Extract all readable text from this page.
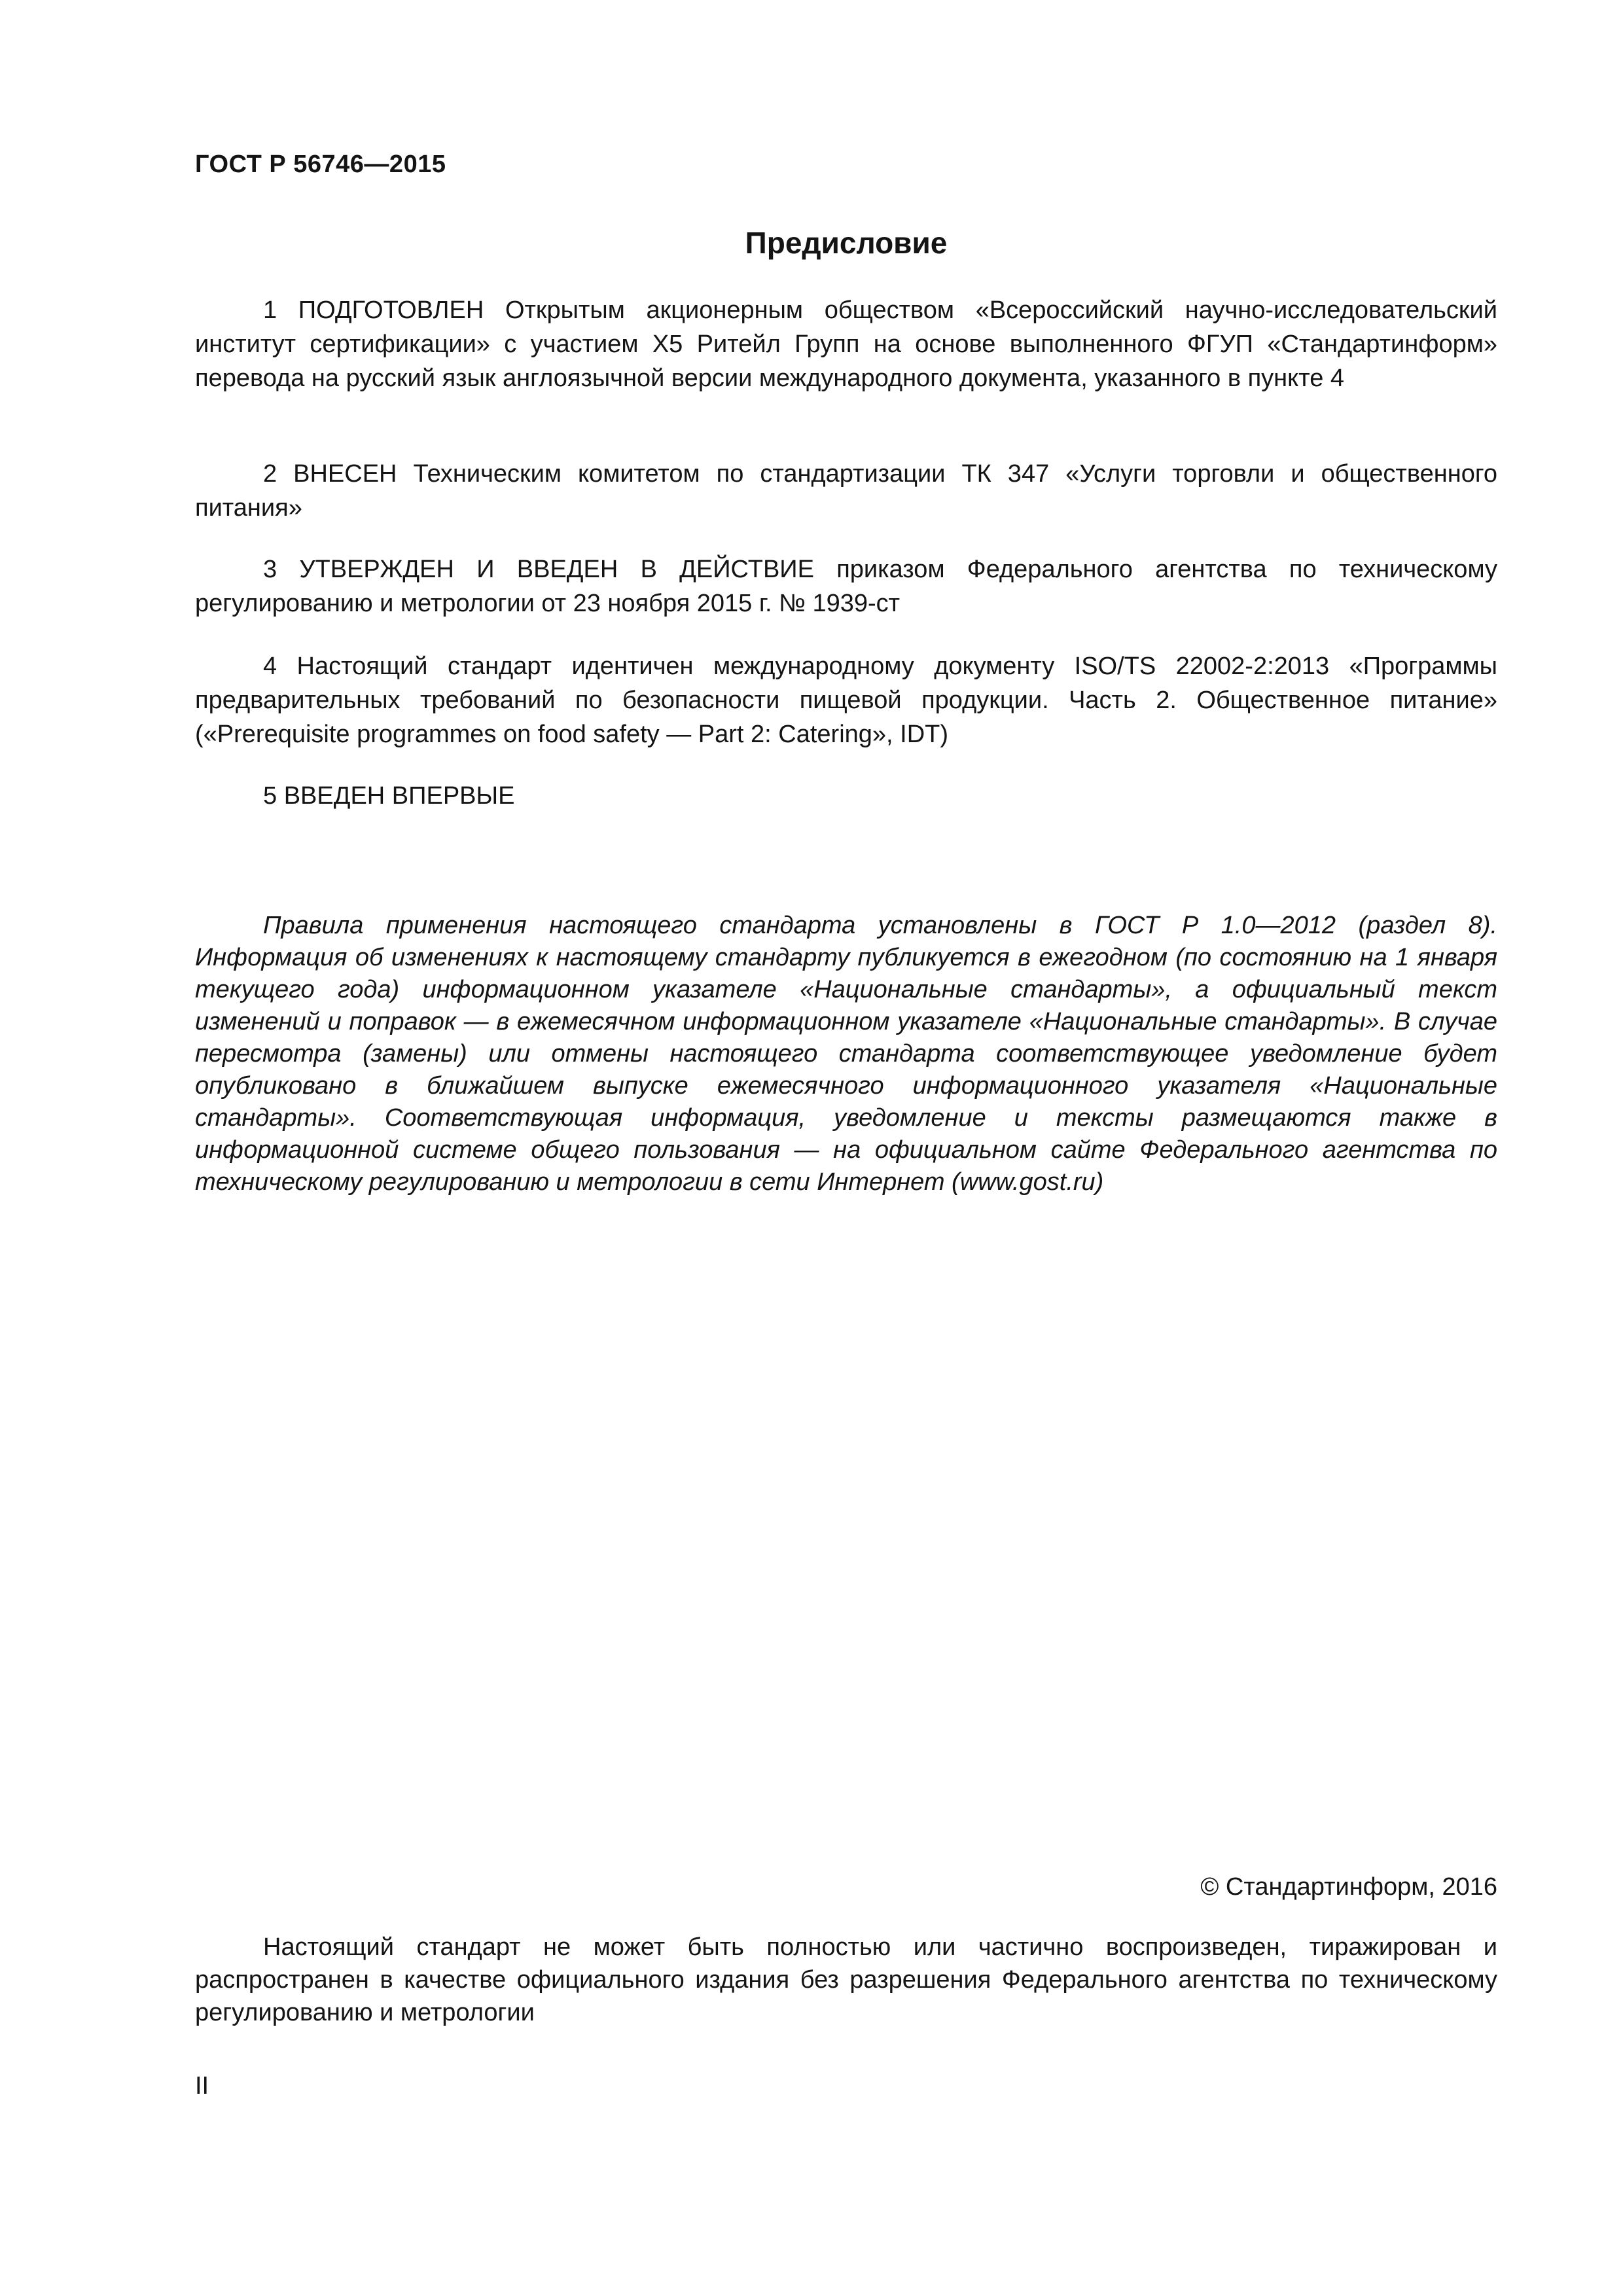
ГОСТ Р 56746—2015
Предисловие

1 ПОДГОТОВЛЕН Открытым акционерным обществом «Всероссийский научно-исследовательский институт сертификации» с участием X5 Ритейл Групп на основе выполненного ФГУП «Стандартинформ» перевода на русский язык англоязычной версии международного документа, указанного в пункте 4

2 ВНЕСЕН Техническим комитетом по стандартизации ТК 347 «Услуги торговли и общественного питания»

3 УТВЕРЖДЕН И ВВЕДЕН В ДЕЙСТВИЕ приказом Федерального агентства по техническому регулированию и метрологии от 23 ноября 2015 г. № 1939-ст

4 Настоящий стандарт идентичен международному документу ISO/TS 22002-2:2013 «Программы предварительных требований по безопасности пищевой продукции. Часть 2. Общественное питание» («Prerequisite programmes on food safety — Part 2: Catering», IDT)

5 ВВЕДЕН ВПЕРВЫЕ

Правила применения настоящего стандарта установлены в ГОСТ Р 1.0—2012 (раздел 8). Информация об изменениях к настоящему стандарту публикуется в ежегодном (по состоянию на 1 января текущего года) информационном указателе «Национальные стандарты», а официальный текст изменений и поправок — в ежемесячном информационном указателе «Национальные стандарты». В случае пересмотра (замены) или отмены настоящего стандарта соответствующее уведомление будет опубликовано в ближайшем выпуске ежемесячного информационного указателя «Национальные стандарты». Соответствующая информация, уведомление и тексты размещаются также в информационной системе общего пользования — на официальном сайте Федерального агентства по техническому регулированию и метрологии в сети Интернет (www.gost.ru)

© Стандартинформ, 2016

Настоящий стандарт не может быть полностью или частично воспроизведен, тиражирован и распространен в качестве официального издания без разрешения Федерального агентства по техническому регулированию и метрологии

II
